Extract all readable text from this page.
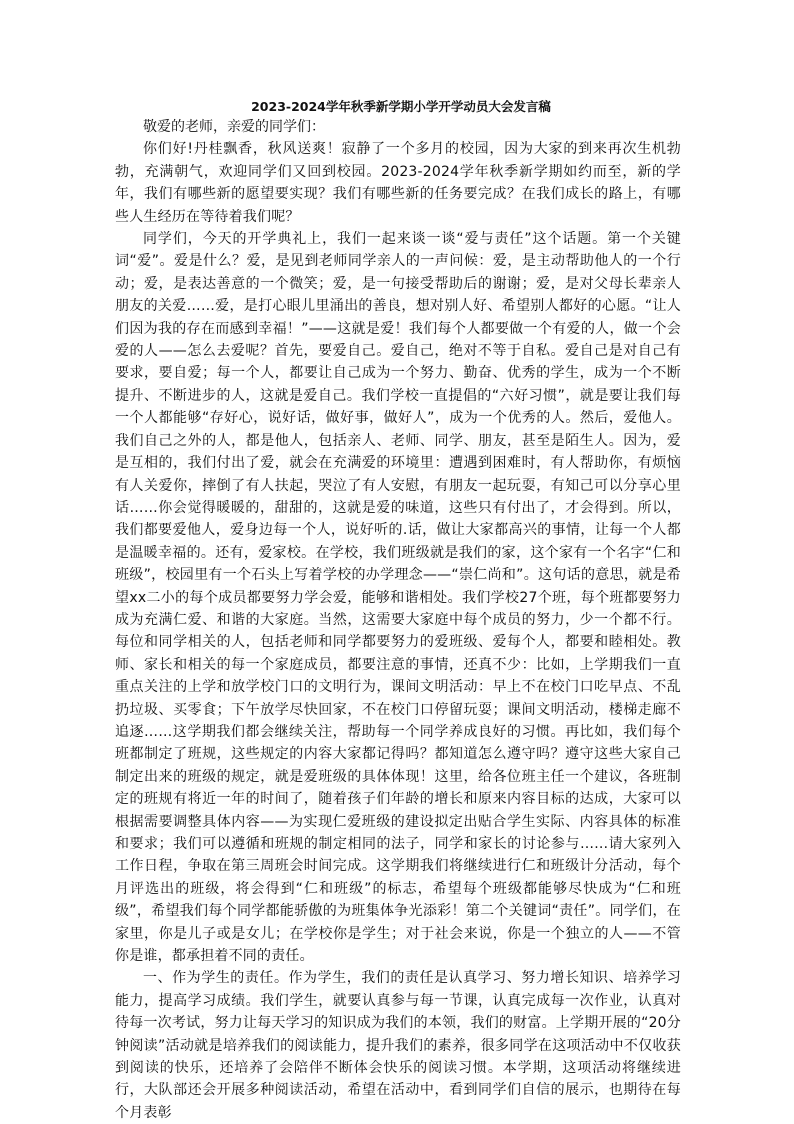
2023-2024学年秋季新学期小学开学动员大会发言稿

敬爱的老师，亲爱的同学们：

你们好!丹桂飘香，秋风送爽！寂静了一个多月的校园，因为大家的到来再次生机勃勃，充满朝气，欢迎同学们又回到校园。2023-2024学年秋季新学期如约而至，新的学年，我们有哪些新的愿望要实现？我们有哪些新的任务要完成？在我们成长的路上，有哪些人生经历在等待着我们呢？

同学们，今天的开学典礼上，我们一起来谈一谈“爱与责任”这个话题。第一个关键词“爱”。爱是什么？爱，是见到老师同学亲人的一声问候：爱，是主动帮助他人的一个行动；爱，是表达善意的一个微笑；爱，是一句接受帮助后的谢谢；爱，是对父母长辈亲人朋友的关爱……爱，是打心眼儿里涌出的善良，想对别人好、希望别人都好的心愿。“让人们因为我的存在而感到幸福！”——这就是爱！我们每个人都要做一个有爱的人，做一个会爱的人——怎么去爱呢？首先，要爱自己。爱自己，绝对不等于自私。爱自己是对自己有要求，要自爱；每一个人，都要让自己成为一个努力、勤奋、优秀的学生，成为一个不断提升、不断进步的人，这就是爱自己。我们学校一直提倡的“六好习惯”，就是要让我们每一个人都能够“存好心，说好话，做好事，做好人”，成为一个优秀的人。然后，爱他人。我们自己之外的人，都是他人，包括亲人、老师、同学、朋友，甚至是陌生人。因为，爱是互相的，我们付出了爱，就会在充满爱的环境里：遭遇到困难时，有人帮助你，有烦恼有人关爱你，摔倒了有人扶起，哭泣了有人安慰，有朋友一起玩耍，有知己可以分享心里话……你会觉得暖暖的，甜甜的，这就是爱的味道，这些只有付出了，才会得到。所以，我们都要爱他人，爱身边每一个人，说好听的.话，做让大家都高兴的事情，让每一个人都是温暖幸福的。还有，爱家校。在学校，我们班级就是我们的家，这个家有一个名字“仁和班级”，校园里有一个石头上写着学校的办学理念——“崇仁尚和”。这句话的意思，就是希望xx二小的每个成员都要努力学会爱，能够和谐相处。我们学校27个班，每个班都要努力成为充满仁爱、和谐的大家庭。当然，这需要大家庭中每个成员的努力，少一个都不行。每位和同学相关的人，包括老师和同学都要努力的爱班级、爱每个人，都要和睦相处。教师、家长和相关的每一个家庭成员，都要注意的事情，还真不少：比如，上学期我们一直重点关注的上学和放学校门口的文明行为，课间文明活动：早上不在校门口吃早点、不乱扔垃圾、买零食；下午放学尽快回家，不在校门口停留玩耍；课间文明活动，楼梯走廊不追逐……这学期我们都会继续关注，帮助每一个同学养成良好的习惯。再比如，我们每个班都制定了班规，这些规定的内容大家都记得吗？都知道怎么遵守吗？遵守这些大家自己制定出来的班级的规定，就是爱班级的具体体现！这里，给各位班主任一个建议，各班制定的班规有将近一年的时间了，随着孩子们年龄的增长和原来内容目标的达成，大家可以根据需要调整具体内容——为实现仁爱班级的建设拟定出贴合学生实际、内容具体的标准和要求；我们可以遵循和班规的制定相同的法子，同学和家长的讨论参与……请大家列入工作日程，争取在第三周班会时间完成。这学期我们将继续进行仁和班级计分活动，每个月评选出的班级，将会得到“仁和班级”的标志，希望每个班级都能够尽快成为“仁和班级”，希望我们每个同学都能骄傲的为班集体争光添彩！第二个关键词“责任”。同学们，在家里，你是儿子或是女儿；在学校你是学生；对于社会来说，你是一个独立的人——不管你是谁，都承担着不同的责任。

一、作为学生的责任。作为学生，我们的责任是认真学习、努力增长知识、培养学习能力，提高学习成绩。我们学生，就要认真参与每一节课，认真完成每一次作业，认真对待每一次考试，努力让每天学习的知识成为我们的本领，我们的财富。上学期开展的“20分钟阅读”活动就是培养我们的阅读能力，提升我们的素养，很多同学在这项活动中不仅收获到阅读的快乐，还培养了会陪伴不断体会快乐的阅读习惯。本学期，这项活动将继续进行，大队部还会开展多种阅读活动，希望在活动中，看到同学们自信的展示，也期待在每个月表彰
